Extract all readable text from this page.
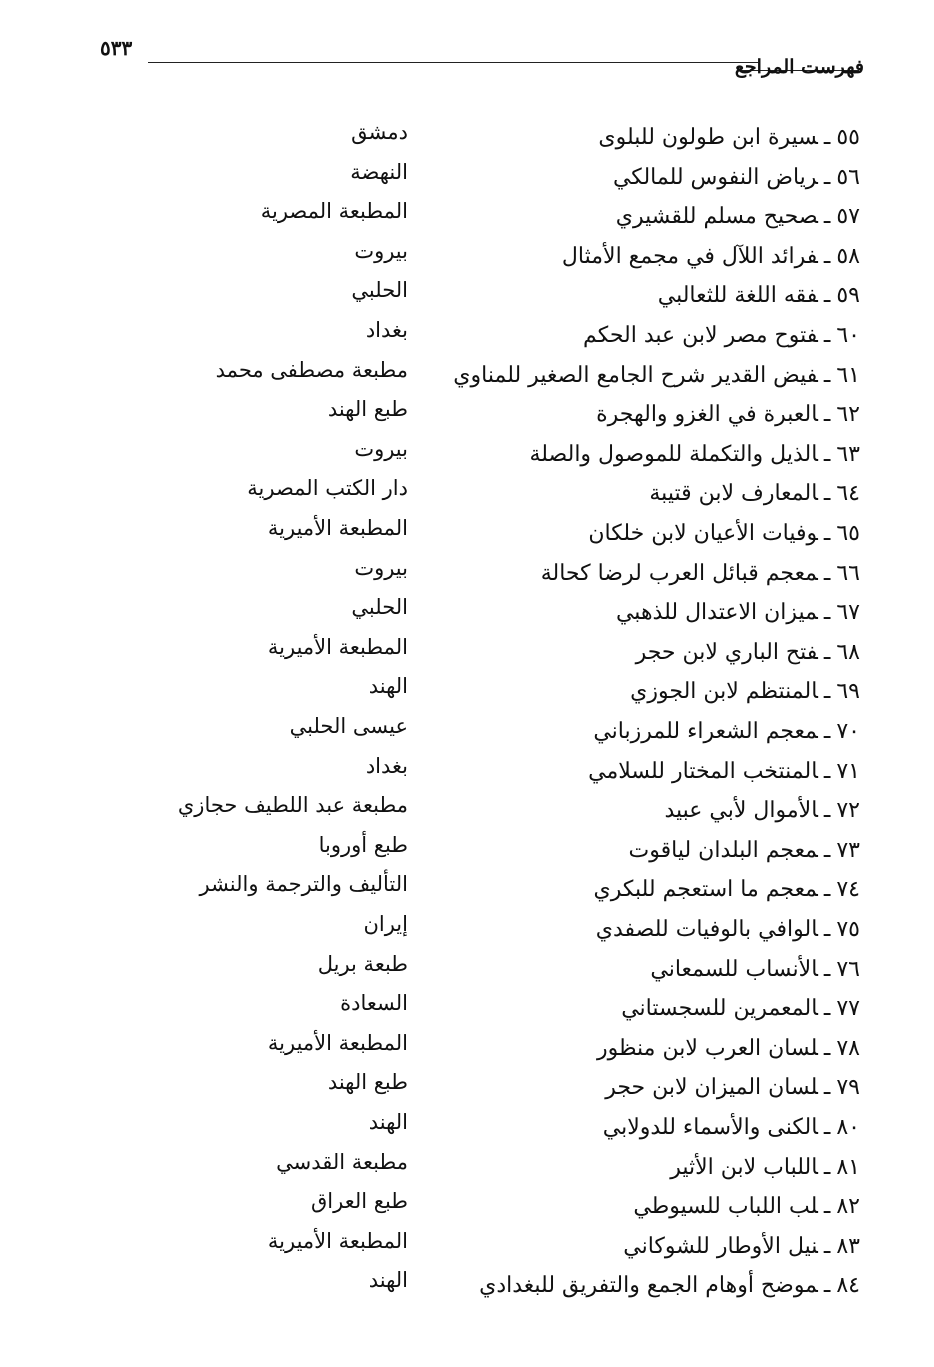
٥٣٣
فهرست المراجع
٥٥ـسيرة ابن طولون للبلوى
دمشق
٥٦ـرياض النفوس للمالكي
النهضة
٥٧ـصحيح مسلم للقشيري
المطبعة المصرية
٥٨ـفرائد اللآل في مجمع الأمثال
بيروت
٥٩ـفقه اللغة للثعالبي
الحلبي
٦٠ـفتوح مصر لابن عبد الحكم
بغداد
٦١ـفيض القدير شرح الجامع الصغير للمناوي
مطبعة مصطفى محمد
٦٢ـالعبرة في الغزو والهجرة
طبع الهند
٦٣ـالذيل والتكملة للموصول والصلة
بيروت
٦٤ـالمعارف لابن قتيبة
دار الكتب المصرية
٦٥ـوفيات الأعيان لابن خلكان
المطبعة الأميرية
٦٦ـمعجم قبائل العرب لرضا كحالة
بيروت
٦٧ـميزان الاعتدال للذهبي
الحلبي
٦٨ـفتح الباري لابن حجر
المطبعة الأميرية
٦٩ـالمنتظم لابن الجوزي
الهند
٧٠ـمعجم الشعراء للمرزباني
عيسى الحلبي
٧١ـالمنتخب المختار للسلامي
بغداد
٧٢ـالأموال لأبي عبيد
مطبعة عبد اللطيف حجازي
٧٣ـمعجم البلدان لياقوت
طبع أوروبا
٧٤ـمعجم ما استعجم للبكري
التأليف والترجمة والنشر
٧٥ـالوافي بالوفيات للصفدي
إيران
٧٦ـالأنساب للسمعاني
طبعة بريل
٧٧ـالمعمرين للسجستاني
السعادة
٧٨ـلسان العرب لابن منظور
المطبعة الأميرية
٧٩ـلسان الميزان لابن حجر
طبع الهند
٨٠ـالكنى والأسماء للدولابي
الهند
٨١ـاللباب لابن الأثير
مطبعة القدسي
٨٢ـلب اللباب للسيوطي
طبع العراق
٨٣ـنيل الأوطار للشوكاني
المطبعة الأميرية
٨٤ـموضح أوهام الجمع والتفريق للبغدادي
الهند
